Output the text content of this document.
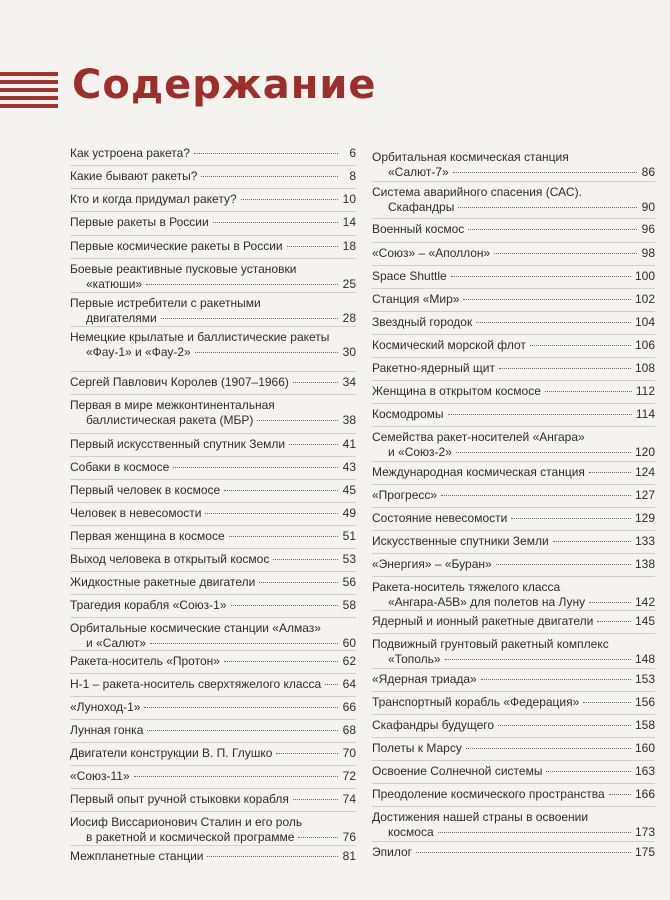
Содержание
Как устроена ракета?	6
Какие бывают ракеты?	8
Кто и когда придумал ракету?	10
Первые ракеты в России	14
Первые космические ракеты в России	18
Боевые реактивные пусковые установки
«катюши»	25
Первые истребители с ракетными
двигателями	28
Немецкие крылатые и баллистические ракеты
«Фау-1» и «Фау-2»	30
Сергей Павлович Королев (1907–1966)	34
Первая в мире межконтинентальная
баллистическая ракета (МБР)	38
Первый искусственный спутник Земли	41
Собаки в космосе	43
Первый человек в космосе	45
Человек в невесомости	49
Первая женщина в космосе	51
Выход человека в открытый космос	53
Жидкостные ракетные двигатели	56
Трагедия корабля «Союз-1»	58
Орбитальные космические станции «Алмаз»
и «Салют»	60
Ракета-носитель «Протон»	62
Н-1 – ракета-носитель сверхтяжелого класса 64
«Луноход-1»	66
Лунная гонка	68
Двигатели конструкции В. П. Глушко	70
«Союз-11»	72
Первый опыт ручной стыковки корабля	74
Иосиф Виссарионович Сталин и его роль
в ракетной и космической программе	76
Межпланетные станции	81
Орбитальная космическая станция
«Салют-7»	86
Система аварийного спасения (САС).
Скафандры	90
Военный космос	96
«Союз» – «Аполлон»	98
Space Shuttle	100
Станция «Мир»	102
Звездный городок	104
Космический морской флот	106
Ракетно-ядерный щит	108
Женщина в открытом космосе	112
Космодромы	114
Семейства ракет-носителей «Ангара»
и «Союз-2»	120
Международная космическая станция	124
«Прогресс»	127
Состояние невесомости	129
Искусственные спутники Земли	133
«Энергия» – «Буран»	138
Ракета-носитель тяжелого класса
«Ангара-А5В» для полетов на Луну	142
Ядерный и ионный ракетные двигатели	145
Подвижный грунтовый ракетный комплекс
«Тополь»	148
«Ядерная триада»	153
Транспортный корабль «Федерация»	156
Скафандры будущего	158
Полеты к Марсу	160
Освоение Солнечной системы	163
Преодоление космического пространства	166
Достижения нашей страны в освоении
космоса	173
Эпилог	175
